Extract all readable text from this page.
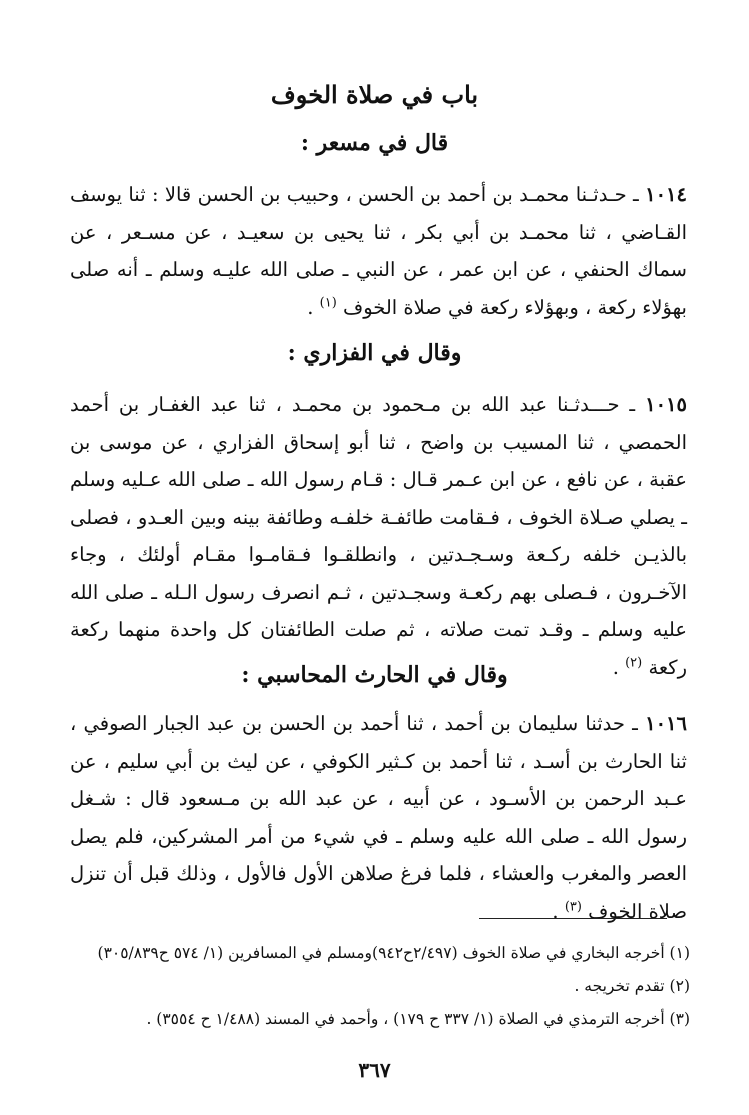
باب في صلاة الخوف
قال في مسعر :
١٠١٤ ـ حـدثـنا محمـد بن أحمد بن الحسن ، وحبيب بن الحسن قالا : ثنا يوسف القـاضي ، ثنا محمـد بن أبي بكر ، ثنا يحيى بن سعيـد ، عن مسـعر ، عن سماك الحنفي ، عن ابن عمر ، عن النبي ـ صلى الله عليـه وسلم ـ أنه صلى بهؤلاء ركعة ، وبهؤلاء ركعة في صلاة الخوف $^{(١)}$ .
وقال في الفزاري :
١٠١٥ ـ حـــدثـنا عبد الله بن مـحمود بن محمـد ، ثنا عبد الغفـار بن أحمد الحمصي ، ثنا المسيب بن واضح ، ثنا أبو إسحاق الفزاري ، عن موسى بن عقبة ، عن نافع ، عن ابن عـمر قـال : قـام رسول الله ـ صلى الله عـليه وسلم ـ يصلي صـلاة الخوف ، فـقامت طائفـة خلفـه وطائفة بينه وبين العـدو ، فصلى بالذيـن خلفه ركـعة وسـجـدتين ، وانطلقـوا فـقامـوا مقـام أولئك ، وجاء الآخـرون ، فـصلى بهم ركعـة وسجـدتين ، ثـم انصرف رسول الـله ـ صلى الله عليه وسلم ـ وقـد تمت صلاته ، ثم صلت الطائفتان كل واحدة منهما ركعة ركعة $^{(٢)}$ .
وقال في الحارث المحاسبي :
١٠١٦ ـ حدثنا سليمان بن أحمد ، ثنا أحمد بن الحسن بن عبد الجبار الصوفي ، ثنا الحارث بن أسـد ، ثنا أحمد بن كـثير الكوفي ، عن ليث بن أبي سليم ، عن عـبد الرحمن بن الأسـود ، عن أبيه ، عن عبد الله بن مـسعود قال : شـغل رسول الله ـ صلى الله عليه وسلم ـ في شيء من أمر المشركين، فلم يصل العصر والمغرب والعشاء ، فلما فرغ صلاهن الأول فالأول ، وذلك قبل أن تنزل صلاة الخوف $^{(٣)}$ .
(١) أخرجه البخاري في صلاة الخوف (٢/٤٩٧ح٩٤٢)ومسلم في المسافرين (١/ ٥٧٤ ح٣٠٥/٨٣٩)
(٢) تقدم تخريجه .
(٣) أخرجه الترمذي في الصلاة (١/ ٣٣٧ ح ١٧٩) ، وأحمد في المسند (١/٤٨٨ ح ٣٥٥٤) .
٣٦٧
